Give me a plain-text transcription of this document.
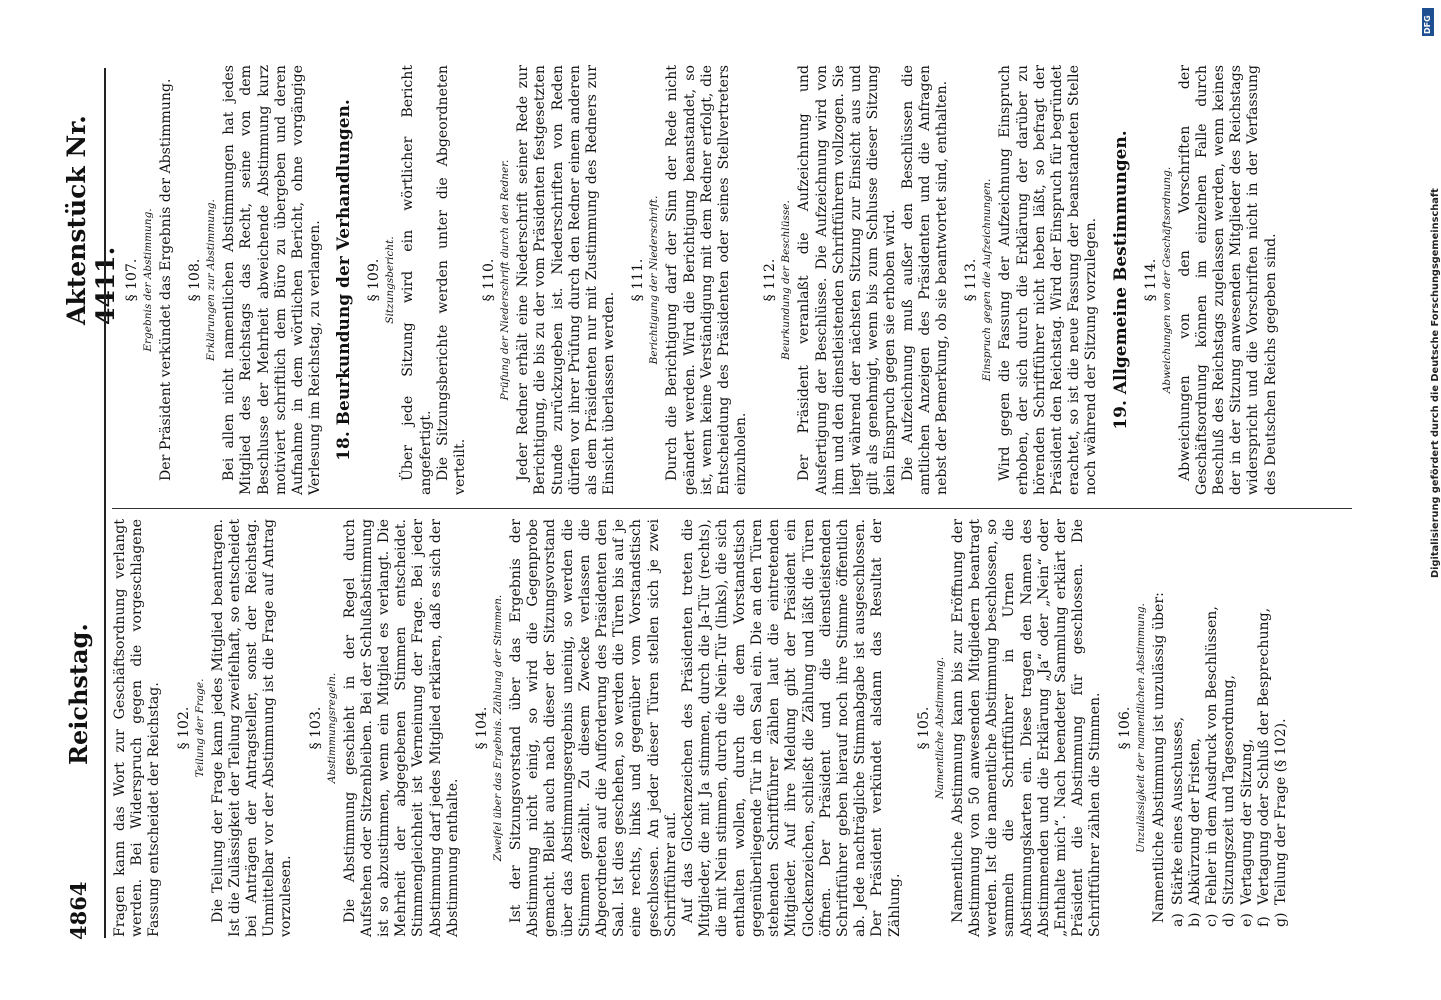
4864
Reichstag.
Aktenstück Nr. 4411.

Fragen kann das Wort zur Geschäftsordnung verlangt werden. Bei Widerspruch gegen die vorgeschlagene Fassung entscheidet der Reichstag. § 102. Teilung der Frage. Die Teilung der Frage kann jedes Mitglied beantragen. Ist die Zulässigkeit der Teilung zweifelhaft, so entscheidet bei Anträgen der Antragsteller, sonst der Reichstag. Unmittelbar vor der Abstimmung ist die Frage auf Antrag vorzulesen.

§ 103. Abstimmungsregeln. Die Abstimmung geschieht in der Regel durch Aufstehen oder Sitzenbleiben. Bei der Schlußabstimmung ist so abzustimmen, wenn ein Mitglied es verlangt. Die Mehrheit der abgegebenen Stimmen entscheidet. Stimmengleichheit ist Verneinung der Frage. Bei jeder Abstimmung darf jedes Mitglied erklären, daß es sich der Abstimmung enthalte.

§ 104. Zweifel über das Ergebnis. Zählung der Stimmen. Ist der Sitzungsvorstand über das Ergebnis der Abstimmung nicht einig, so wird die Gegenprobe gemacht. Bleibt auch nach dieser der Sitzungsvorstand über das Abstimmungsergebnis uneinig, so werden die Stimmen gezählt. Zu diesem Zwecke verlassen die Abgeordneten auf die Aufforderung des Präsidenten den Saal. Ist dies geschehen, so werden die Türen bis auf je eine rechts, links und gegenüber vom Vorstandstisch geschlossen. An jeder dieser Türen stellen sich je zwei Schriftführer auf. Auf das Glockenzeichen des Präsidenten treten die Mitglieder, die mit Ja stimmen, durch die Ja-Tür (rechts), die mit Nein stimmen, durch die Nein-Tür (links), die sich enthalten wollen, durch die dem Vorstandstisch gegenüberliegende Tür in den Saal ein. Die an den Türen stehenden Schriftführer zählen laut die eintretenden Mitglieder. Auf ihre Meldung gibt der Präsident ein Glockenzeichen, schließt die Zählung und läßt die Türen öffnen. Der Präsident und die dienstleistenden Schriftführer geben hierauf noch ihre Stimme öffentlich ab. Jede nachträgliche Stimmabgabe ist ausgeschlossen. Der Präsident verkündet alsdann das Resultat der Zählung.

§ 105. Namentliche Abstimmung. Namentliche Abstimmung kann bis zur Eröffnung der Abstimmung von 50 anwesenden Mitgliedern beantragt werden. Ist die namentliche Abstimmung beschlossen, so sammeln die Schriftführer in Urnen die Abstimmungskarten ein. Diese tragen den Namen des Abstimmenden und die Erklärung „Ja“ oder „Nein“ oder „Enthalte mich“. Nach beendeter Sammlung erklärt der Präsident die Abstimmung für geschlossen. Die Schriftführer zählen die Stimmen. § 106. Unzulässigkeit der namentlichen Abstimmung. Namentliche Abstimmung ist unzulässig über: a)Stärke eines Ausschusses,
b)Abkürzung der Fristen,
c)Fehler in dem Ausdruck von Beschlüssen,
d)Sitzungszeit und Tagesordnung,
e)Vertagung der Sitzung,
f)Vertagung oder Schluß der Besprechung,
g)Teilung der Frage (§ 102).
§ 107. Ergebnis der Abstimmung. Der Präsident verkündet das Ergebnis der Abstimmung. § 108. Erklärungen zur Abstimmung. Bei allen nicht namentlichen Abstimmungen hat jedes Mitglied des Reichstags das Recht, seine von dem Beschlusse der Mehrheit abweichende Abstimmung kurz motiviert schriftlich dem Büro zu übergeben und deren Aufnahme in dem wörtlichen Bericht, ohne vorgängige Verlesung im Reichstag, zu verlangen. 18. Beurkundung der Verhandlungen. § 109. Sitzungsbericht. Über jede Sitzung wird ein wörtlicher Bericht angefertigt. Die Sitzungsberichte werden unter die Abgeordneten verteilt.

§ 110. Prüfung der Niederschrift durch den Redner. Jeder Redner erhält eine Niederschrift seiner Rede zur Berichtigung, die bis zu der vom Präsidenten festgesetzten Stunde zurückzugeben ist. Niederschriften von Reden dürfen vor ihrer Prüfung durch den Redner einem anderen als dem Präsidenten nur mit Zustimmung des Redners zur Einsicht überlassen werden.

§ 111. Berichtigung der Niederschrift. Durch die Berichtigung darf der Sinn der Rede nicht geändert werden. Wird die Berichtigung beanstandet, so ist, wenn keine Verständigung mit dem Redner erfolgt, die Entscheidung des Präsidenten oder seines Stellvertreters einzuholen.

§ 112. Beurkundung der Beschlüsse. Der Präsident veranlaßt die Aufzeichnung und Ausfertigung der Beschlüsse. Die Aufzeichnung wird von ihm und den dienstleistenden Schriftführern vollzogen. Sie liegt während der nächsten Sitzung zur Einsicht aus und gilt als genehmigt, wenn bis zum Schlusse dieser Sitzung kein Einspruch gegen sie erhoben wird. Die Aufzeichnung muß außer den Beschlüssen die amtlichen Anzeigen des Präsidenten und die Anfragen nebst der Bemerkung, ob sie beantwortet sind, enthalten. § 113. Einspruch gegen die Aufzeichnungen. Wird gegen die Fassung der Aufzeichnung Einspruch erhoben, der sich durch die Erklärung der darüber zu hörenden Schriftführer nicht heben läßt, so befragt der Präsident den Reichstag. Wird der Einspruch für begründet erachtet, so ist die neue Fassung der beanstandeten Stelle noch während der Sitzung vorzulegen. 19. Allgemeine Bestimmungen. § 114. Abweichungen von der Geschäftsordnung. Abweichungen von den Vorschriften der Geschäftsordnung können im einzelnen Falle durch Beschluß des Reichstags zugelassen werden, wenn keines der in der Sitzung anwesenden Mitglieder des Reichstags widerspricht und die Vorschriften nicht in der Verfassung des Deutschen Reichs gegeben sind.	Digitalisierung gefördert durch die Deutsche Forschungsgemeinschaft
DFG
